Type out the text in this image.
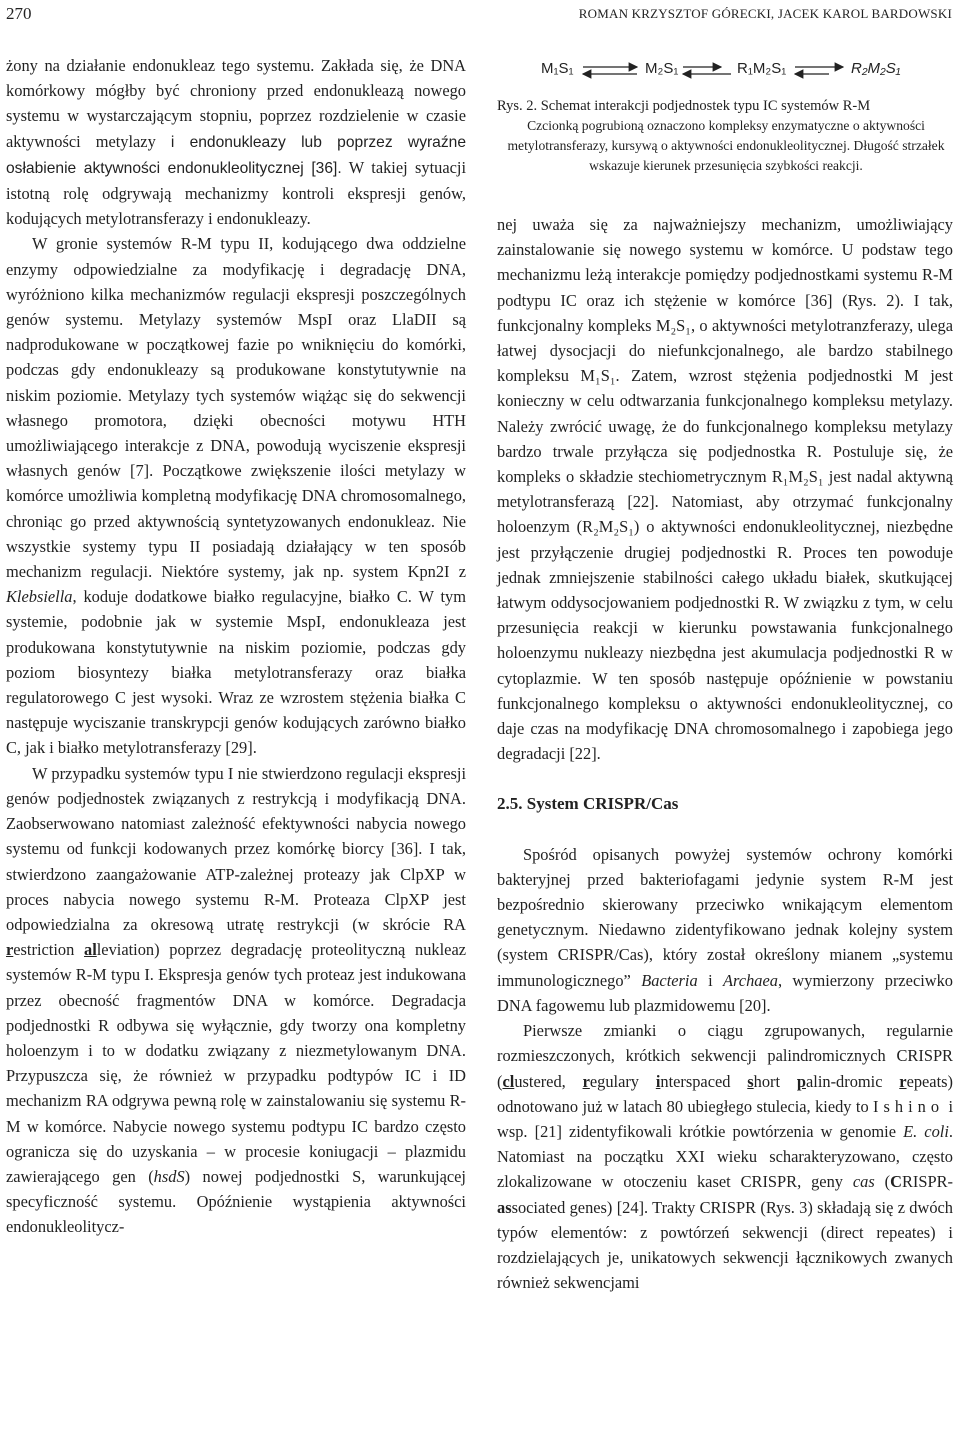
270	ROMAN KRZYSZTOF GÓRECKI, JACEK KAROL BARDOWSKI

żony na działanie endonukleaz tego systemu. Zakłada się, że DNA komórkowy mógłby być chroniony przed endonukleazą nowego systemu w wystarczającym stopniu, poprzez rozdzielenie w czasie aktywności metylazy i endonukleazy lub poprzez wyraźne osłabienie aktywności endonukleolitycznej [36]. W takiej sytuacji istotną rolę odgrywają mechanizmy kontroli ekspresji genów, kodujących metylotransferazy i endonukleazy.

W gronie systemów R-M typu II, kodującego dwa oddzielne enzymy odpowiedzialne za modyfikację i degradację DNA, wyróżniono kilka mechanizmów regulacji ekspresji poszczególnych genów systemu. Metylazy systemów MspI oraz LlaDII są nadprodukowane w początkowej fazie po wniknięciu do komórki, podczas gdy endonukleazy są produkowane konstytutywnie na niskim poziomie. Metylazy tych systemów wiążąc się do sekwencji własnego promotora, dzięki obecności motywu HTH umożliwiającego interakcje z DNA, powodują wyciszenie ekspresji własnych genów [7]. Początkowe zwiększenie ilości metylazy w komórce umożliwia kompletną modyfikację DNA chromosomalnego, chroniąc go przed aktywnością syntetyzowanych endonukleaz. Nie wszystkie systemy typu II posiadają działający w ten sposób mechanizm regulacji. Niektóre systemy, jak np. system Kpn2I z Klebsiella, koduje dodatkowe białko regulacyjne, białko C. W tym systemie, podobnie jak w systemie MspI, endonukleaza jest produkowana konstytutywnie na niskim poziomie, podczas gdy poziom biosyntezy białka metylotransferazy oraz białka regulatorowego C jest wysoki. Wraz ze wzrostem stężenia białka C następuje wyciszanie transkrypcji genów kodujących zarówno białko C, jak i białko metylotransferazy [29].

W przypadku systemów typu I nie stwierdzono regulacji ekspresji genów podjednostek związanych z restrykcją i modyfikacją DNA. Zaobserwowano natomiast zależność efektywności nabycia nowego systemu od funkcji kodowanych przez komórkę biorcy [36]. I tak, stwierdzono zaangażowanie ATP-zależnej proteazy jak ClpXP w proces nabycia nowego systemu R-M. Proteaza ClpXP jest odpowiedzialna za okresową utratę restrykcji (w skrócie RA restriction alleviation) poprzez degradację proteolityczną nukleaz systemów R-M typu I. Ekspresja genów tych proteaz jest indukowana przez obecność fragmentów DNA w komórce. Degradacja podjednostki R odbywa się wyłącznie, gdy tworzy ona kompletny holoenzym i to w dodatku związany z niezmetylowanym DNA. Przypuszcza się, że również w przypadku podtypów IC i ID mechanizm RA odgrywa pewną rolę w zainstalowaniu się systemu R-M w komórce. Nabycie nowego systemu podtypu IC bardzo często ogranicza się do uzyskania – w procesie koniugacji – plazmidu zawierającego gen (hsdS) nowej podjednostki S, warunkującej specyficzność systemu. Opóźnienie wystąpienia aktywności endonukleolitycz-

M₁S₁	M₂S₁	R₁M₂S₁	R₂M₂S₁
Rys. 2. Schemat interakcji podjednostek typu IC systemów R-M
Czcionką pogrubioną oznaczono kompleksy enzymatyczne o aktywności metylotransferazy, kursywą o aktywności endonukleolitycznej. Długość strzałek wskazuje kierunek przesunięcia szybkości reakcji.

nej uważa się za najważniejszy mechanizm, umożliwiający zainstalowanie się nowego systemu w komórce. U podstaw tego mechanizmu leżą interakcje pomiędzy podjednostkami systemu R-M podtypu IC oraz ich stężenie w komórce [36] (Rys. 2). I tak, funkcjonalny kompleks M₂S₁, o aktywności metylotranzferazy, ulega łatwej dysocjacji do niefunkcjonalnego, ale bardzo stabilnego kompleksu M₁S₁. Zatem, wzrost stężenia podjednostki M jest konieczny w celu odtwarzania funkcjonalnego kompleksu metylazy. Należy zwrócić uwagę, że do funkcjonalnego kompleksu metylazy bardzo trwale przyłącza się podjednostka R. Postuluje się, że kompleks o składzie stechiometrycznym R₁M₂S₁ jest nadal aktywną metylotransferazą [22]. Natomiast, aby otrzymać funkcjonalny holoenzym (R₂M₂S₁) o aktywności endonukleolitycznej, niezbędne jest przyłączenie drugiej podjednostki R. Proces ten powoduje jednak zmniejszenie stabilności całego układu białek, skutkującej łatwym oddysocjowaniem podjednostki R. W związku z tym, w celu przesunięcia reakcji w kierunku powstawania funkcjonalnego holoenzymu nukleazy niezbędna jest akumulacja podjednostki R w cytoplazmie. W ten sposób następuje opóźnienie w powstaniu funkcjonalnego kompleksu o aktywności endonukleolitycznej, co daje czas na modyfikację DNA chromosomalnego i zapobiega jego degradacji [22].

2.5. System CRISPR/Cas

Spośród opisanych powyżej systemów ochrony komórki bakteryjnej przed bakteriofagami jedynie system R-M jest bezpośrednio skierowany przeciwko wnikającym elementom genetycznym. Niedawno zidentyfikowano jednak kolejny system (system CRISPR/Cas), który został określony mianem „systemu immunologicznego” Bacteria i Archaea, wymierzony przeciwko DNA fagowemu lub plazmidowemu [20].

Pierwsze zmianki o ciągu zgrupowanych, regularnie rozmieszczonych, krótkich sekwencji palindromicznych CRISPR (clustered, regulary interspaced short palin-dromic repeats) odnotowano już w latach 80 ubiegłego stulecia, kiedy to Ishino i wsp. [21] zidentyfikowali krótkie powtórzenia w genomie E. coli. Natomiast na początku XXI wieku scharakteryzowano, często zlokalizowane w otoczeniu kaset CRISPR, geny cas (CRISPR-associated genes) [24]. Trakty CRISPR (Rys. 3) składają się z dwóch typów elementów: z powtórzeń sekwencji (direct repeates) i rozdzielających je, unikatowych sekwencji łącznikowych zwanych również sekwencjami
